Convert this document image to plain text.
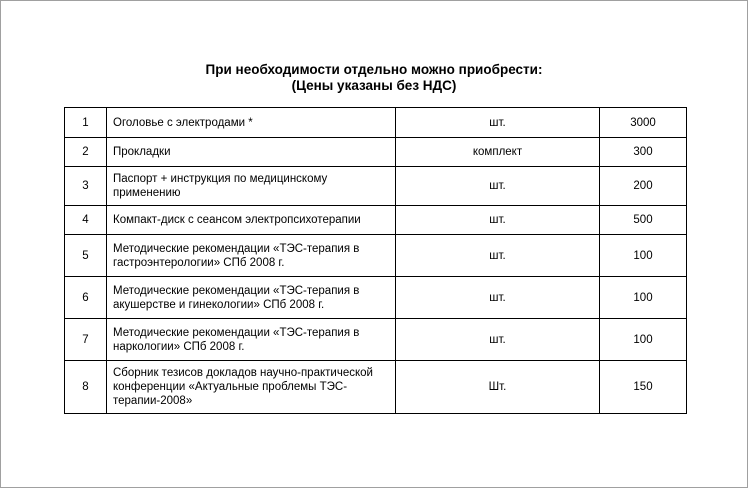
При необходимости отдельно можно приобрести:
(Цены указаны без НДС)
1	Оголовье с электродами *	шт.	3000
2	Прокладки	комплект	300
3	Паспорт + инструкция по медицинскому применению	шт.	200
4	Компакт-диск с сеансом электропсихотерапии	шт.	500
5	Методические рекомендации «ТЭС-терапия в гастроэнтерологии» СПб 2008 г.	шт.	100
6	Методические рекомендации «ТЭС-терапия в акушерстве и гинекологии» СПб 2008 г.	шт.	100
7	Методические рекомендации «ТЭС-терапия в наркологии» СПб 2008 г.	шт.	100
8	Сборник тезисов докладов научно-практической конференции «Актуальные проблемы ТЭС-терапии-2008»	Шт.	150
